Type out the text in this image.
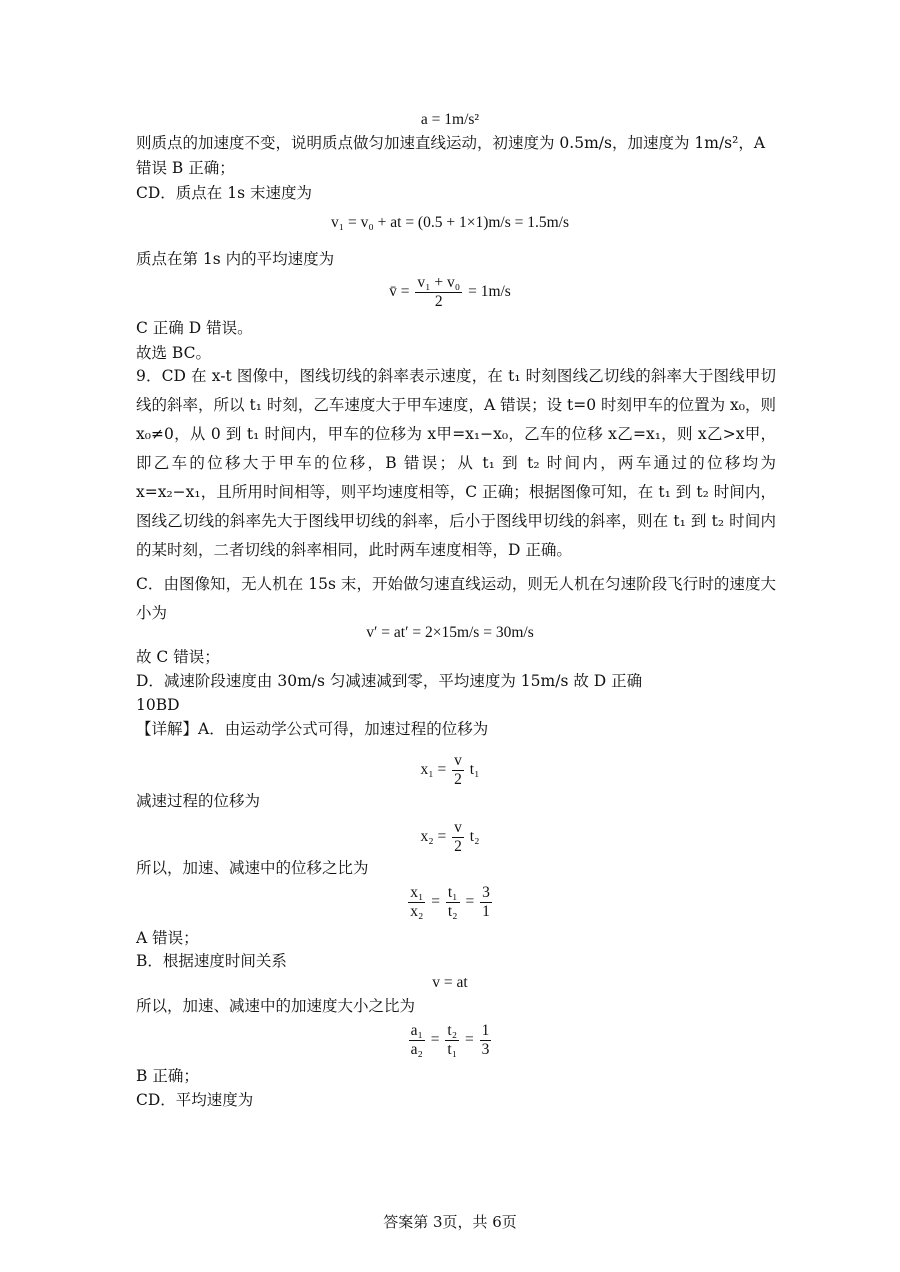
a = 1m/s²
则质点的加速度不变，说明质点做匀加速直线运动，初速度为 0.5m/s，加速度为 1m/s²，A
错误 B 正确；
CD．质点在 1s 末速度为
v₁ = v₀ + at = (0.5 + 1×1)m/s = 1.5m/s
质点在第 1s 内的平均速度为
v̄ = $\frac{\text{v₁ + v₀}}{2} = 1m/s$
C 正确 D 错误。
故选 BC。
9．CD 在 x-t 图像中，图线切线的斜率表示速度，在 t₁ 时刻图线乙切线的斜率大于图线甲切线的斜率，所以 t₁ 时刻，乙车速度大于甲车速度，A 错误；设 t=0 时刻甲车的位置为 x₀，则 x₀≠0，从 0 到 t₁ 时间内，甲车的位移为 x甲=x₁−x₀，乙车的位移 x乙=x₁，则 x乙>x甲，即乙车的位移大于甲车的位移，B 错误；从 t₁ 到 t₂ 时间内，两车通过的位移均为 x=x₂−x₁，且所用时间相等，则平均速度相等，C 正确；根据图像可知，在 t₁ 到 t₂ 时间内，图线乙切线的斜率先大于图线甲切线的斜率，后小于图线甲切线的斜率，则在 t₁ 到 t₂ 时间内的某时刻，二者切线的斜率相同，此时两车速度相等，D 正确。
C．由图像知，无人机在 15s 末，开始做匀速直线运动，则无人机在匀速阶段飞行时的速度大小为
v′ = at′ = 2×15m/s = 30m/s
故 C 错误；
D．减速阶段速度由 30m/s 匀减速减到零，平均速度为 15m/s 故 D 正确
10BD
【详解】A．由运动学公式可得，加速过程的位移为
$x_1 = \frac{v}{2} t_1$
减速过程的位移为
$x_2 = \frac{v}{2} t_2$
所以，加速、减速中的位移之比为
$\frac{\text{x₁}}{\text{x₂}} = \frac{\text{t₁}}{\text{t₂}} = \frac{3}{1}$
A 错误；
B．根据速度时间关系
v = at
所以，加速、减速中的加速度大小之比为
$\frac{\text{a₁}}{\text{a₂}} = \frac{\text{t₂}}{\text{t₁}} = \frac{1}{3}$
B 正确；
CD．平均速度为
答案第 3页，共 6页
